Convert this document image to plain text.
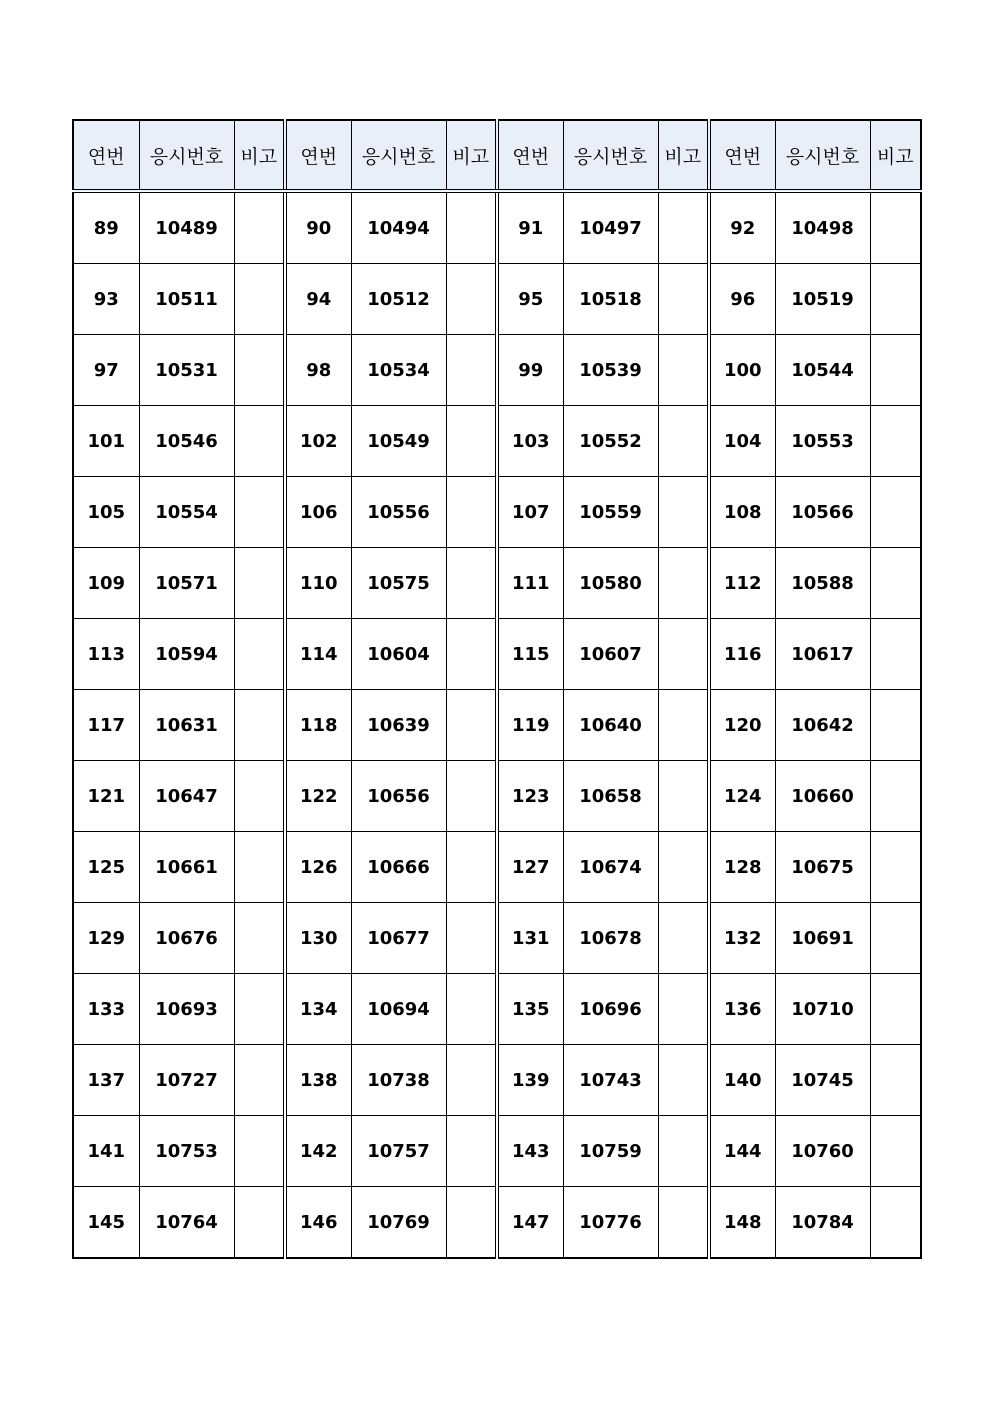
연번	응시번호	비고	연번	응시번호	비고	연번	응시번호	비고	연번	응시번호	비고
89	10489		90	10494		91	10497		92	10498	
93	10511		94	10512		95	10518		96	10519	
97	10531		98	10534		99	10539		100	10544	
101	10546		102	10549		103	10552		104	10553	
105	10554		106	10556		107	10559		108	10566	
109	10571		110	10575		111	10580		112	10588	
113	10594		114	10604		115	10607		116	10617	
117	10631		118	10639		119	10640		120	10642	
121	10647		122	10656		123	10658		124	10660	
125	10661		126	10666		127	10674		128	10675	
129	10676		130	10677		131	10678		132	10691	
133	10693		134	10694		135	10696		136	10710	
137	10727		138	10738		139	10743		140	10745	
141	10753		142	10757		143	10759		144	10760	
145	10764		146	10769		147	10776		148	10784	
